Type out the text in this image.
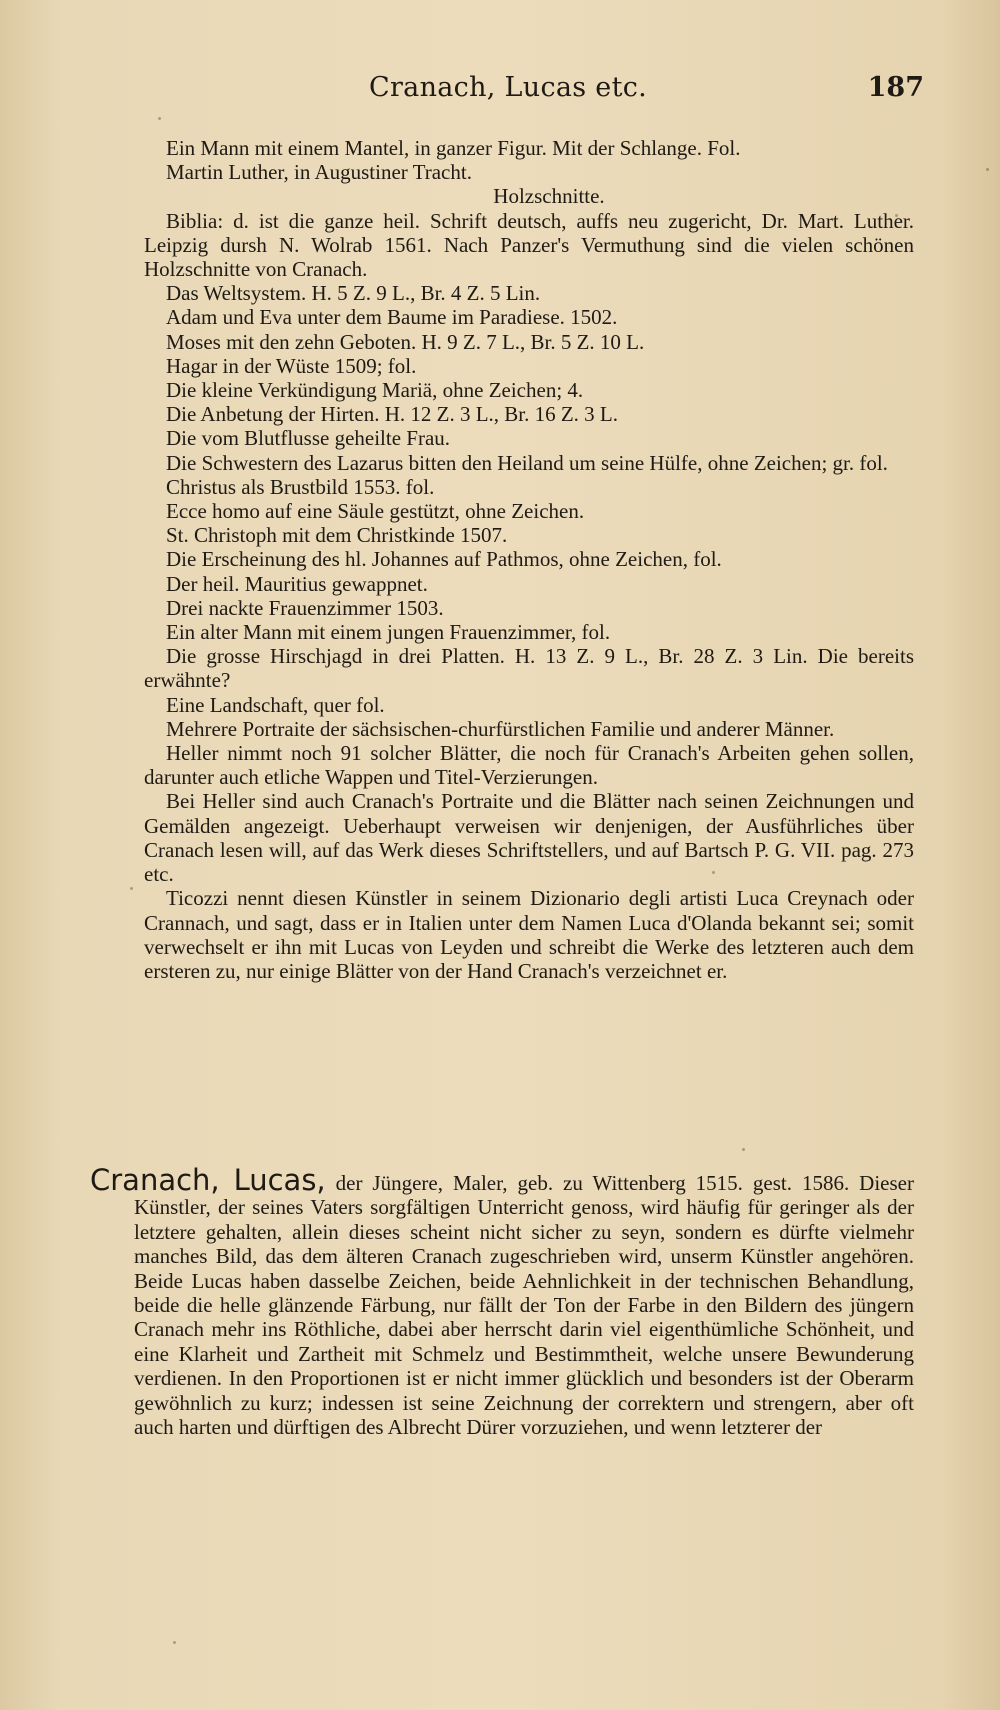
Cranach, Lucas etc.	187

Ein Mann mit einem Mantel, in ganzer Figur. Mit der Schlange. Fol.

Martin Luther, in Augustiner Tracht.

Holzschnitte.

Biblia: d. ist die ganze heil. Schrift deutsch, auffs neu zugericht, Dr. Mart. Luther. Leipzig dursh N. Wolrab 1561. Nach Panzer's Vermuthung sind die vielen schönen Holzschnitte von Cranach.

Das Weltsystem. H. 5 Z. 9 L., Br. 4 Z. 5 Lin.

Adam und Eva unter dem Baume im Paradiese. 1502.

Moses mit den zehn Geboten. H. 9 Z. 7 L., Br. 5 Z. 10 L.

Hagar in der Wüste 1509; fol.

Die kleine Verkündigung Mariä, ohne Zeichen; 4.

Die Anbetung der Hirten. H. 12 Z. 3 L., Br. 16 Z. 3 L.

Die vom Blutflusse geheilte Frau.

Die Schwestern des Lazarus bitten den Heiland um seine Hülfe, ohne Zeichen; gr. fol.

Christus als Brustbild 1553. fol.

Ecce homo auf eine Säule gestützt, ohne Zeichen.

St. Christoph mit dem Christkinde 1507.

Die Erscheinung des hl. Johannes auf Pathmos, ohne Zeichen, fol.

Der heil. Mauritius gewappnet.

Drei nackte Frauenzimmer 1503.

Ein alter Mann mit einem jungen Frauenzimmer, fol.

Die grosse Hirschjagd in drei Platten. H. 13 Z. 9 L., Br. 28 Z. 3 Lin. Die bereits erwähnte?

Eine Landschaft, quer fol.

Mehrere Portraite der sächsischen-churfürstlichen Familie und anderer Männer.

Heller nimmt noch 91 solcher Blätter, die noch für Cranach's Arbeiten gehen sollen, darunter auch etliche Wappen und Titel-Verzierungen.

Bei Heller sind auch Cranach's Portraite und die Blätter nach seinen Zeichnungen und Gemälden angezeigt. Ueberhaupt verweisen wir denjenigen, der Ausführliches über Cranach lesen will, auf das Werk dieses Schriftstellers, und auf Bartsch P. G. VII. pag. 273 etc.

Ticozzi nennt diesen Künstler in seinem Dizionario degli artisti Luca Creynach oder Crannach, und sagt, dass er in Italien unter dem Namen Luca d'Olanda bekannt sei; somit verwechselt er ihn mit Lucas von Leyden und schreibt die Werke des letzteren auch dem ersteren zu, nur einige Blätter von der Hand Cranach's verzeichnet er.

Cranach, Lucas, der Jüngere, Maler, geb. zu Wittenberg 1515. gest. 1586. Dieser Künstler, der seines Vaters sorgfältigen Unterricht genoss, wird häufig für geringer als der letztere gehalten, allein dieses scheint nicht sicher zu seyn, sondern es dürfte vielmehr manches Bild, das dem älteren Cranach zugeschrieben wird, unserm Künstler angehören. Beide Lucas haben dasselbe Zeichen, beide Aehnlichkeit in der technischen Behandlung, beide die helle glänzende Färbung, nur fällt der Ton der Farbe in den Bildern des jüngern Cranach mehr ins Röthliche, dabei aber herrscht darin viel eigenthümliche Schönheit, und eine Klarheit und Zartheit mit Schmelz und Bestimmtheit, welche unsere Bewunderung verdienen. In den Proportionen ist er nicht immer glücklich und besonders ist der Oberarm gewöhnlich zu kurz; indessen ist seine Zeichnung der correktern und strengern, aber oft auch harten und dürftigen des Albrecht Dürer vorzuziehen, und wenn letzterer der
